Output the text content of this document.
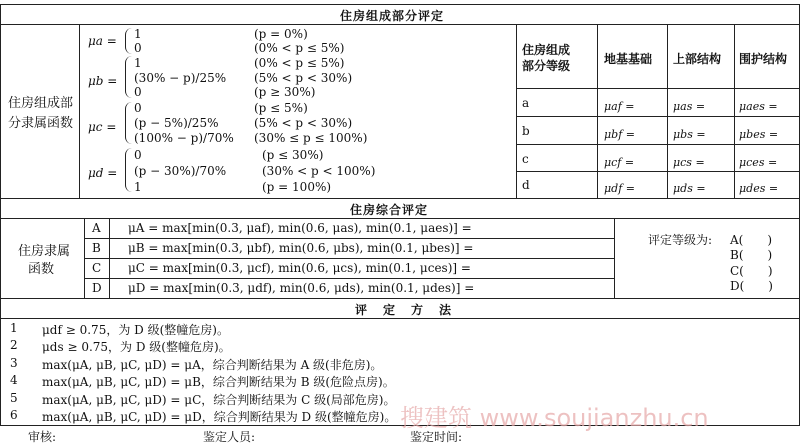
住房组成部分评定
住房组成部
分隶属函数
μa = 1	(p = 0%)
0	(0% < p ≤ 5%)
μb =
1	(0% < p ≤ 5%)
(30% − p)/25% (5% < p < 30%)
0	(p ≥ 30%)
μc =
0	(p ≤ 5%)
(p − 5%)/25%	(5% < p < 30%)
(100% − p)/70% (30% ≤ p ≤ 100%)
μd =
0	(p ≤ 30%)
(p − 30%)/70%	(30% < p < 100%)
1	(p = 100%)
住房组成
部分等级	地基基础 上部结构 围护结构
a	μaf =	μas =	μaes =
b	μbf =	μbs =	μbes =
c	μcf =	μcs =	μces =
d	μdf =	μds =	μdes =
住房综合评定
住房隶属
函数
A μA = max[min(0.3, μaf), min(0.6, μas), min(0.1, μaes)] =
B μB = max[min(0.3, μbf), min(0.6, μbs), min(0.1, μbes)] =
C μC = max[min(0.3, μcf), min(0.6, μcs), min(0.1, μces)] =
D μD = max[min(0.3, μdf), min(0.6, μds), min(0.1, μdes)] =
评定等级为: A(　　)
B(　　)
C(　　)
D(　　)
评　定　方　法
1 μdf ≥ 0.75，为 D 级(整幢危房)。
2 μds ≥ 0.75，为 D 级(整幢危房)。
3 max(μA, μB, μC, μD) = μA，综合判断结果为 A 级(非危房)。
4 max(μA, μB, μC, μD) = μB，综合判断结果为 B 级(危险点房)。
5 max(μA, μB, μC, μD) = μC，综合判断结果为 C 级(局部危房)。
6 max(μA, μB, μC, μD) = μD，综合判断结果为 D 级(整幢危房)。 搜建筑 www.soujianzhu.cn
审核:	鉴定人员:	鉴定时间:
